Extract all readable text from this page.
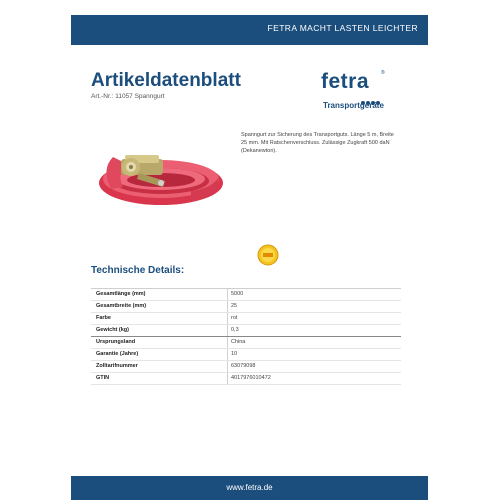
FETRA MACHT LASTEN LEICHTER
Artikeldatenblatt
Art.-Nr.: 11057 Spanngurt
fetra ®
Transportgeräte
Spanngurt zur Sicherung des Transportguts. Länge 5 m, Breite 25 mm. Mit Ratschenverschluss. Zulässige Zugkraft 500 daN (Dekanewton).
Technische Details:
Gesamtlänge (mm)	5000
Gesamtbreite (mm)	25
Farbe	rot
Gewicht (kg)	0,3
Ursprungsland	China
Garantie (Jahre)	10
Zolltarifnummer	63079098
GTIN	4017976010472
www.fetra.de
